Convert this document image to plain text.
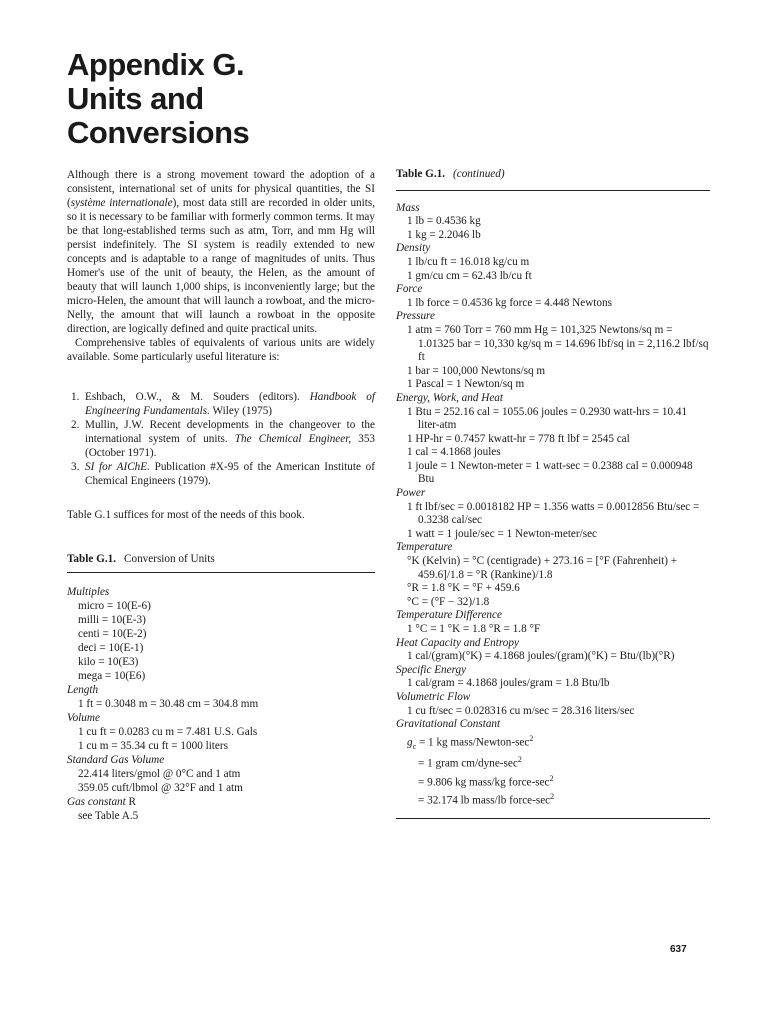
Appendix G.
Units and
Conversions

Although there is a strong movement toward the adoption of a consistent, international set of units for physical quantities, the SI (système internationale), most data still are recorded in older units, so it is necessary to be familiar with formerly common terms. It may be that long-established terms such as atm, Torr, and mm Hg will persist indefinitely. The SI system is readily extended to new concepts and is adaptable to a range of magnitudes of units. Thus Homer's use of the unit of beauty, the Helen, as the amount of beauty that will launch 1,000 ships, is inconveniently large; but the micro-Helen, the amount that will launch a rowboat, and the micro-Nelly, the amount that will launch a rowboat in the opposite direction, are logically defined and quite practical units.

Comprehensive tables of equivalents of various units are widely available. Some particularly useful literature is:

1. Eshbach, O.W., & M. Souders (editors). Handbook of Engineering Fundamentals. Wiley (1975)
2. Mullin, J.W. Recent developments in the changeover to the international system of units. The Chemical Engineer, 353 (October 1971).
3. SI for AIChE. Publication #X-95 of the American Institute of Chemical Engineers (1979).
Table G.1 suffices for most of the needs of this book.
Table G.1. Conversion of Units
Multiples
micro = 10(E-6)
milli = 10(E-3)
centi = 10(E-2)
deci = 10(E-1)
kilo = 10(E3)
mega = 10(E6)
Length
1 ft = 0.3048 m = 30.48 cm = 304.8 mm
Volume
1 cu ft = 0.0283 cu m = 7.481 U.S. Gals
1 cu m = 35.34 cu ft = 1000 liters
Standard Gas Volume
22.414 liters/gmol @ 0°C and 1 atm
359.05 cuft/lbmol @ 32°F and 1 atm
Gas constant R
see Table A.5
Table G.1. (continued)
Mass
1 lb = 0.4536 kg
1 kg = 2.2046 lb
Density
1 lb/cu ft = 16.018 kg/cu m
1 gm/cu cm = 62.43 lb/cu ft
Force
1 lb force = 0.4536 kg force = 4.448 Newtons
Pressure
1 atm = 760 Torr = 760 mm Hg = 101,325 Newtons/sq m = 1.01325 bar = 10,330 kg/sq m = 14.696 lbf/sq in = 2,116.2 lbf/sq ft
1 bar = 100,000 Newtons/sq m
1 Pascal = 1 Newton/sq m
Energy, Work, and Heat
1 Btu = 252.16 cal = 1055.06 joules = 0.2930 watt-hrs = 10.41 liter-atm
1 HP-hr = 0.7457 kwatt-hr = 778 ft lbf = 2545 cal
1 cal = 4.1868 joules
1 joule = 1 Newton-meter = 1 watt-sec = 0.2388 cal = 0.000948 Btu
Power
1 ft lbf/sec = 0.0018182 HP = 1.356 watts = 0.0012856 Btu/sec = 0.3238 cal/sec
1 watt = 1 joule/sec = 1 Newton-meter/sec
Temperature
°K (Kelvin) = °C (centigrade) + 273.16 = [°F (Fahrenheit) + 459.6]/1.8 = °R (Rankine)/1.8
°R = 1.8 °K = °F + 459.6
°C = (°F − 32)/1.8
Temperature Difference
1 °C = 1 °K = 1.8 °R = 1.8 °F
Heat Capacity and Entropy
1 cal/(gram)(°K) = 4.1868 joules/(gram)(°K) = Btu/(lb)(°R)
Specific Energy
1 cal/gram = 4.1868 joules/gram = 1.8 Btu/lb
Volumetric Flow
1 cu ft/sec = 0.028316 cu m/sec = 28.316 liters/sec
Gravitational Constant
$g_c = 1$ kg mass/$Newton-\sec^2$
= 1 gram $cm/dyne-\sec^2$
= 9.806 kg mass/kg force-$\sec^2$
= 32.174 lb mass/lb force-$\sec^2$
637
